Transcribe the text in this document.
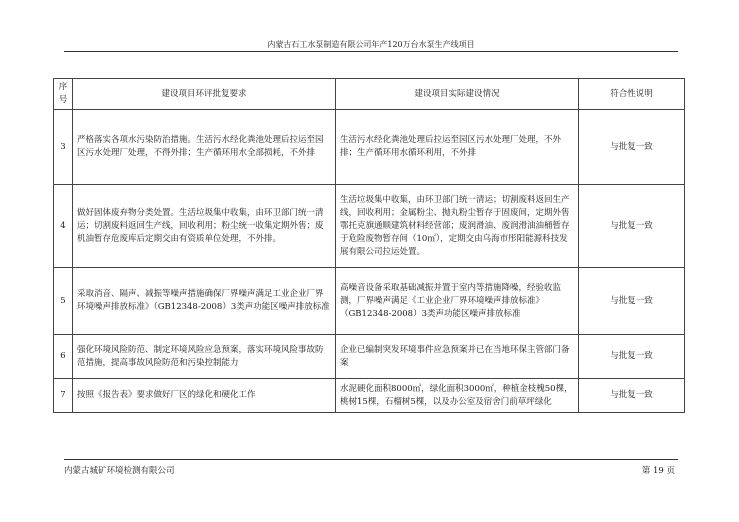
内蒙古石工水泵制造有限公司年产120万台水泵生产线项目
序号	建设项目环评批复要求	建设项目实际建设情况	符合性说明
3	严格落实各项水污染防治措施。生活污水经化粪池处理后拉运至园区污水处理厂处理，不得外排；生产循环用水全部损耗，不外排	生活污水经化粪池处理后拉运至园区污水处理厂处理，不外排；生产循环用水循环利用，不外排	与批复一致
4	做好固体废弃物分类处置。生活垃圾集中收集，由环卫部门统一清运；切割废料返回生产线，回收利用；粉尘统一收集定期外售；废机油暂存危废库后定期交由有资质单位处理，不外排。	生活垃圾集中收集，由环卫部门统一清运；切割废料返回生产线，回收利用；金属粉尘、抛丸粉尘暂存于固废间，定期外售鄂托克旗通顺建筑材料经营部；废润滑油、废润滑油油桶暂存于危险废物暂存间（10㎡），定期交由乌海市彤阳能源科技发展有限公司拉运处置。	与批复一致
5	采取消音、隔声、减振等噪声措施确保厂界噪声满足工业企业厂界环境噪声排放标准》（GB12348-2008）3类声功能区噪声排放标准	高噪音设备采取基础减振并置于室内等措施降噪，经验收监测，厂界噪声满足《工业企业厂界环境噪声排放标准》（GB12348-2008）3类声功能区噪声排放标准	与批复一致
6	强化环境风险防范、制定环境风险应急预案，落实环境风险事故防范措施，提高事故风险防范和污染控制能力	企业已编制突发环境事件应急预案并已在当地环保主管部门备案	与批复一致
7	按照《报告表》要求做好厂区的绿化和硬化工作	水泥硬化面积8000㎡，绿化面积3000㎡，种植金枝槐50棵，桃树15棵，石榴树5棵，以及办公室及宿舍门前草坪绿化	与批复一致
内蒙古城矿环境检测有限公司	第 19 页
